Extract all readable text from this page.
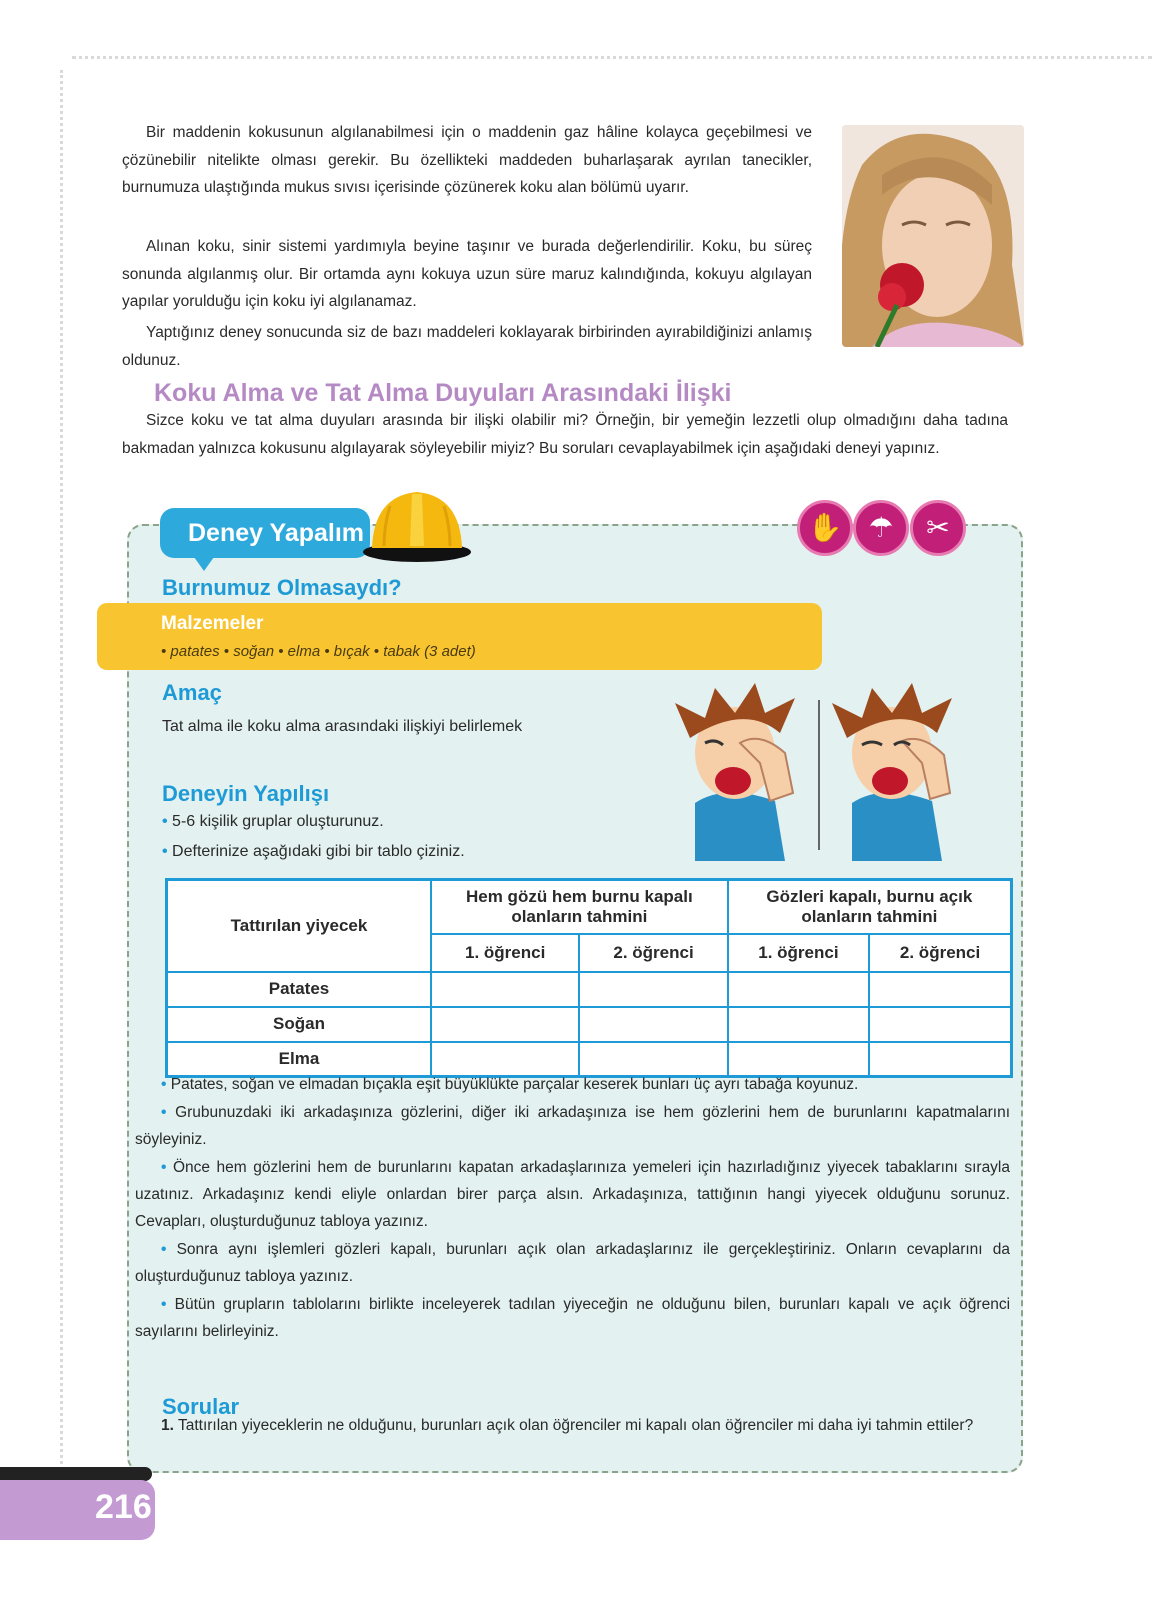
Bir maddenin kokusunun algılanabilmesi için o maddenin gaz hâline kolayca geçebilmesi ve çözünebilir nitelikte olması gerekir. Bu özellikteki maddeden buharlaşarak ayrılan tanecikler, burnumuza ulaştığında mukus sıvısı içerisinde çözünerek koku alan bölümü uyarır.

Alınan koku, sinir sistemi yardımıyla beyine taşınır ve burada değerlendirilir. Koku, bu süreç sonunda algılanmış olur. Bir ortamda aynı kokuya uzun süre maruz kalındığında, kokuyu algılayan yapılar yorulduğu için koku iyi algılanamaz.

Yaptığınız deney sonucunda siz de bazı maddeleri koklayarak birbirinden ayırabildiğinizi anlamış oldunuz.

Koku Alma ve Tat Alma Duyuları Arasındaki İlişki

Sizce koku ve tat alma duyuları arasında bir ilişki olabilir mi? Örneğin, bir yemeğin lezzetli olup olmadığını daha tadına bakmadan yalnızca kokusunu algılayarak söyleyebilir miyiz? Bu soruları cevaplayabilmek için aşağıdaki deneyi yapınız.

Deney Yapalım	✋ ☂	✂
Burnumuz Olmasaydı?
Malzemeler
• patates • soğan • elma • bıçak • tabak (3 adet)
Amaç

Tat alma ile koku alma arasındaki ilişkiyi belirlemek

Deneyin Yapılışı

• 5-6 kişilik gruplar oluşturunuz.

• Defterinize aşağıdaki gibi bir tablo çiziniz.

Tattırılan yiyecek	Hem gözü hem burnu kapalı olanların tahmini		Gözleri kapalı, burnu açık olanların tahmini	
	1. öğrenci	2. öğrenci	1. öğrenci	2. öğrenci
Patates				
Soğan				
Elma				

• Patates, soğan ve elmadan bıçakla eşit büyüklükte parçalar keserek bunları üç ayrı tabağa koyunuz.

• Grubunuzdaki iki arkadaşınıza gözlerini, diğer iki arkadaşınıza ise hem gözlerini hem de burunlarını kapatmalarını söyleyiniz.

• Önce hem gözlerini hem de burunlarını kapatan arkadaşlarınıza yemeleri için hazırladığınız yiyecek tabaklarını sırayla uzatınız. Arkadaşınız kendi eliyle onlardan birer parça alsın. Arkadaşınıza, tattığının hangi yiyecek olduğunu sorunuz. Cevapları, oluşturduğunuz tabloya yazınız.

• Sonra aynı işlemleri gözleri kapalı, burunları açık olan arkadaşlarınız ile gerçekleştiriniz. Onların cevaplarını da oluşturduğunuz tabloya yazınız.

• Bütün grupların tablolarını birlikte inceleyerek tadılan yiyeceğin ne olduğunu bilen, burunları kapalı ve açık öğrenci sayılarını belirleyiniz.

Sorular

1. Tattırılan yiyeceklerin ne olduğunu, burunları açık olan öğrenciler mi kapalı olan öğrenciler mi daha iyi tahmin ettiler?

216
